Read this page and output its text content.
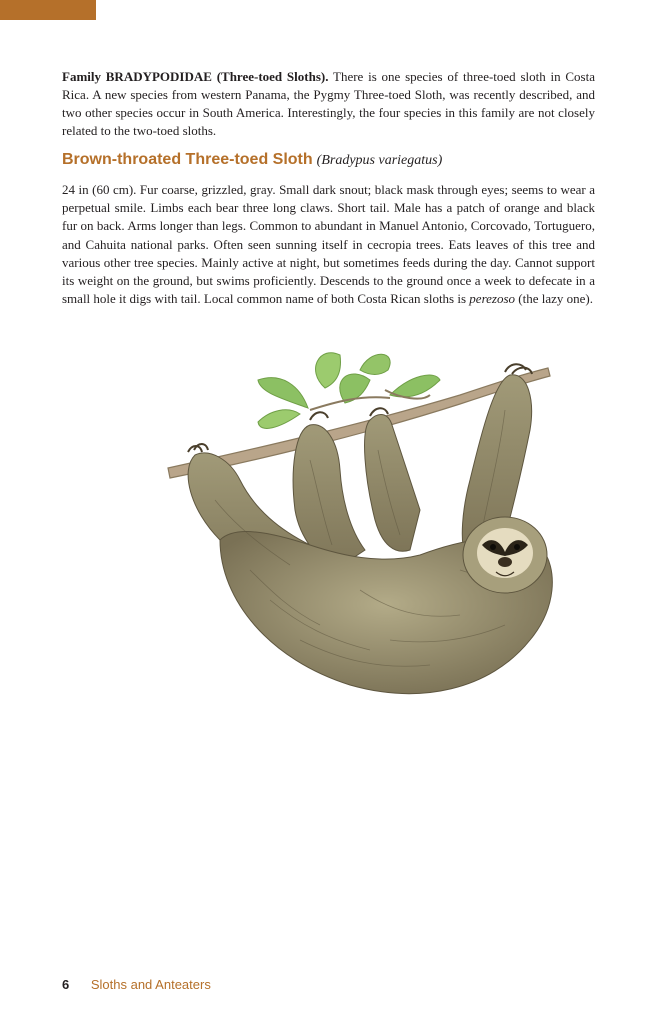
Family BRADYPODIDAE (Three-toed Sloths). There is one species of three-toed sloth in Costa Rica. A new species from western Panama, the Pygmy Three-toed Sloth, was recently described, and two other species occur in South America. Interestingly, the four species in this family are not closely related to the two-toed sloths.

Brown-throated Three-toed Sloth (Bradypus variegatus)

24 in (60 cm). Fur coarse, grizzled, gray. Small dark snout; black mask through eyes; seems to wear a perpetual smile. Limbs each bear three long claws. Short tail. Male has a patch of orange and black fur on back. Arms longer than legs. Common to abundant in Manuel Antonio, Corcovado, Tortuguero, and Cahuita national parks. Often seen sunning itself in cecropia trees. Eats leaves of this tree and various other tree species. Mainly active at night, but sometimes feeds during the day. Cannot support its weight on the ground, but swims proficiently. Descends to the ground once a week to defecate in a small hole it digs with tail. Local common name of both Costa Rican sloths is perezoso (the lazy one).

6 Sloths and Anteaters
